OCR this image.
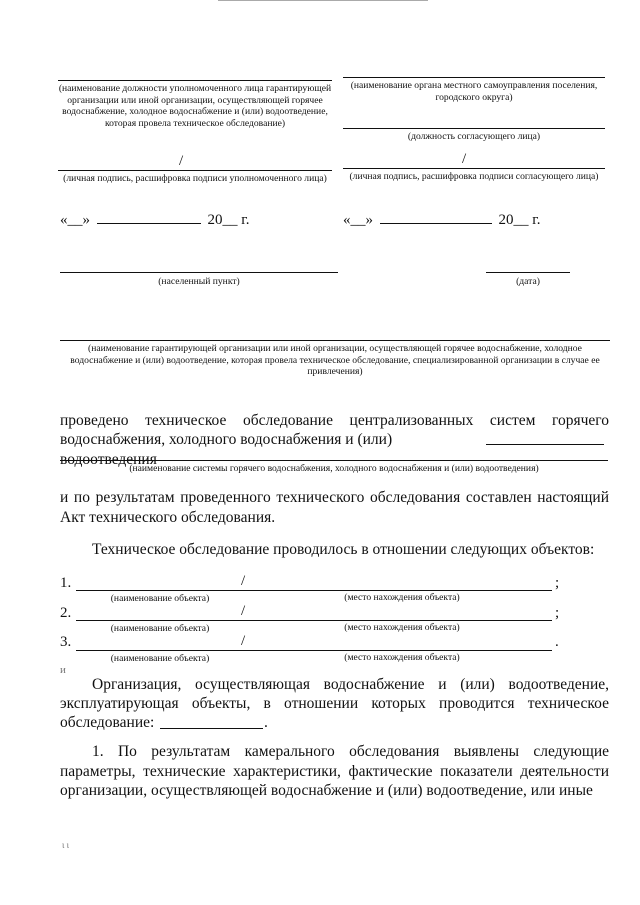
(наименование должности уполномоченного лица гарантирующей организации или иной организации, осуществляющей горячее водоснабжение, холодное водоснабжение и (или) водоотведение, которая провела техническое обследование)
(наименование органа местного самоуправления поселения, городского округа)
(должность согласующего лица)
/
(личная подпись, расшифровка подписи уполномоченного лица)
/
(личная подпись, расшифровка подписи согласующего лица)
«__»	20__ г.	«__»	20__ г.
(населенный пункт)	(дата)
(наименование гарантирующей организации или иной организации, осуществляющей горячее водоснабжение, холодное водоснабжение и (или) водоотведение, которая провела техническое обследование, специализированной организации в случае ее привлечения)
проведено техническое обследование централизованных систем горячего
водоснабжения, холодного водоснабжения и (или) водоотведения
(наименование системы горячего водоснабжения, холодного водоснабжения и (или) водоотведения)
и по результатам проведенного технического обследования составлен настоящий Акт технического обследования.
Техническое обследование проводилось в отношении следующих объектов:
1.	/	;
(наименование объекта)	(место нахождения объекта)
2.	/	;
(наименование объекта)	(место нахождения объекта)
3.	/	.
(наименование объекта)	(место нахождения объекта)
и
Организация, осуществляющая водоснабжение и (или) водоотведение,
эксплуатирующая объекты, в отношении которых проводится техническое
обследование:	.
1. По результатам камерального обследования выявлены следующие параметры, технические характеристики, фактические показатели деятельности организации, осуществляющей водоснабжение и (или) водоотведение, или иные
ι ι
